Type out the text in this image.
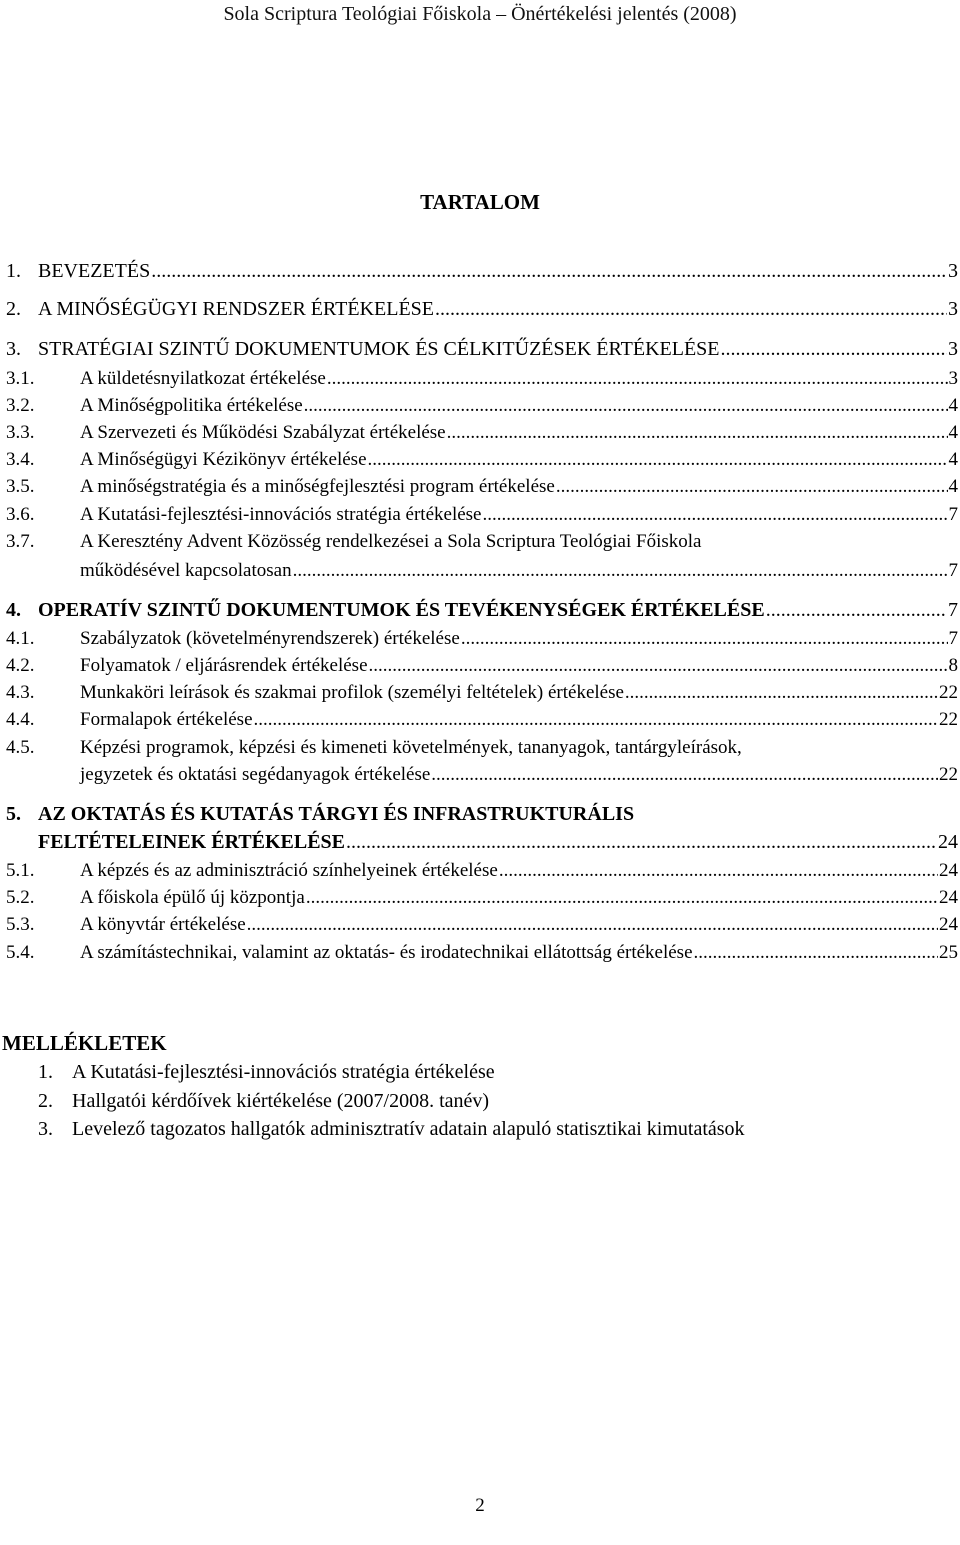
Sola Scriptura Teológiai Főiskola – Önértékelési jelentés (2008)
TARTALOM
1. BEVEZETÉS .....	3
2. A MINŐSÉGÜGYI RENDSZER ÉRTÉKELÉSE .....	3
3. STRATÉGIAI SZINTŰ DOKUMENTUMOK ÉS CÉLKITŰZÉSEK ÉRTÉKELÉSE .....	3
3.1. A küldetésnyilatkozat értékelése .....	3
3.2. A Minőségpolitika értékelése .....	4
3.3. A Szervezeti és Működési Szabályzat értékelése .....	4
3.4. A Minőségügyi Kézikönyv értékelése .....	4
3.5. A minőségstratégia és a minőségfejlesztési program értékelése .....	4
3.6. A Kutatási-fejlesztési-innovációs stratégia értékelése .....	7
3.7. A Keresztény Advent Közösség rendelkezései a Sola Scriptura Teológiai Főiskola
működésével kapcsolatosan .....	7
4. OPERATÍV SZINTŰ DOKUMENTUMOK ÉS TEVÉKENYSÉGEK ÉRTÉKELÉSE .....	7
4.1. Szabályzatok (követelményrendszerek) értékelése .....	7
4.2. Folyamatok / eljárásrendek értékelése .....	8
4.3. Munkaköri leírások és szakmai profilok (személyi feltételek) értékelése .....	22
4.4. Formalapok értékelése .....	22
4.5. Képzési programok, képzési és kimeneti követelmények, tananyagok, tantárgyleírások,
jegyzetek és oktatási segédanyagok értékelése .....	22
5. AZ OKTATÁS ÉS KUTATÁS TÁRGYI ÉS INFRASTRUKTURÁLIS
FELTÉTELEINEK ÉRTÉKELÉSE .....	24
5.1. A képzés és az adminisztráció színhelyeinek értékelése .....	24
5.2. A főiskola épülő új központja .....	24
5.3. A könyvtár értékelése .....	24
5.4. A számítástechnikai, valamint az oktatás- és irodatechnikai ellátottság értékelése .....	25
MELLÉKLETEK
1. A Kutatási-fejlesztési-innovációs stratégia értékelése
2. Hallgatói kérdőívek kiértékelése (2007/2008. tanév)
3. Levelező tagozatos hallgatók adminisztratív adatain alapuló statisztikai kimutatások
2
